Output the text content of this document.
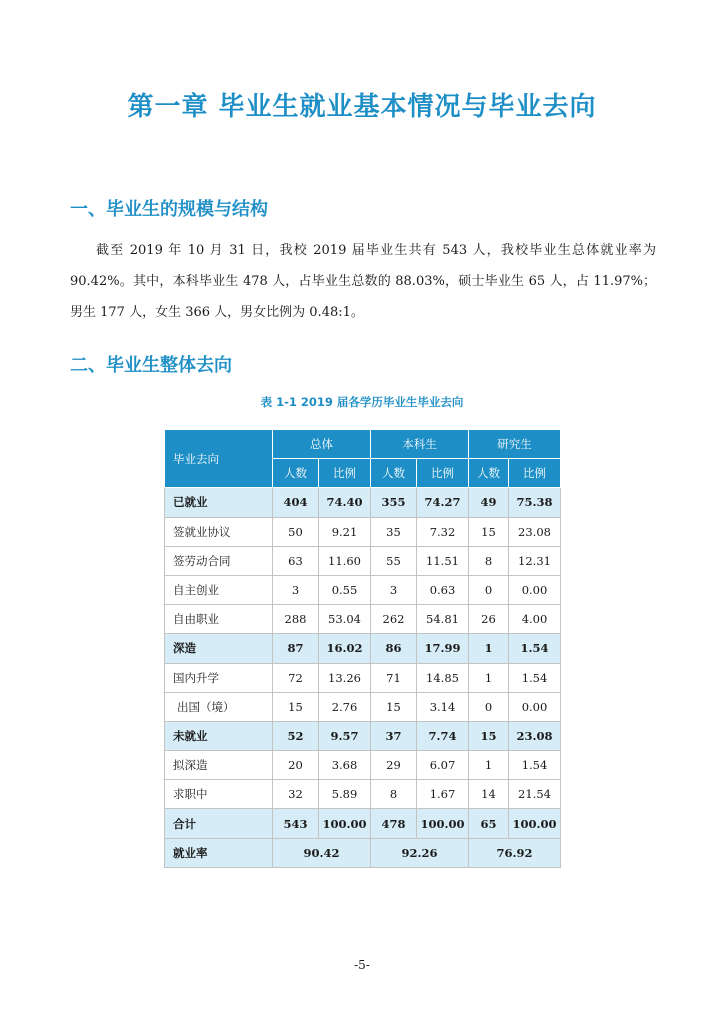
第一章 毕业生就业基本情况与毕业去向
一、毕业生的规模与结构
截至 2019 年 10 月 31 日，我校 2019 届毕业生共有 543 人，我校毕业生总体就业率为 90.42%。其中，本科毕业生 478 人，占毕业生总数的 88.03%，硕士毕业生 65 人，占 11.97%；男生 177 人，女生 366 人，男女比例为 0.48:1。
二、毕业生整体去向
表 1-1 2019 届各学历毕业生毕业去向
毕业去向	总体		本科生		研究生	
	人数	比例	人数	比例	人数	比例
已就业	404	74.40	355	74.27	49	75.38
签就业协议	50	9.21	35	7.32	15	23.08
签劳动合同	63	11.60	55	11.51	8	12.31
自主创业	3	0.55	3	0.63	0	0.00
自由职业	288	53.04	262	54.81	26	4.00
深造	87	16.02	86	17.99	1	1.54
国内升学	72	13.26	71	14.85	1	1.54
出国（境）	15	2.76	15	3.14	0	0.00
未就业	52	9.57	37	7.74	15	23.08
拟深造	20	3.68	29	6.07	1	1.54
求职中	32	5.89	8	1.67	14	21.54
合计	543	100.00	478	100.00	65	100.00
就业率	90.42		92.26		76.92	
-5-
